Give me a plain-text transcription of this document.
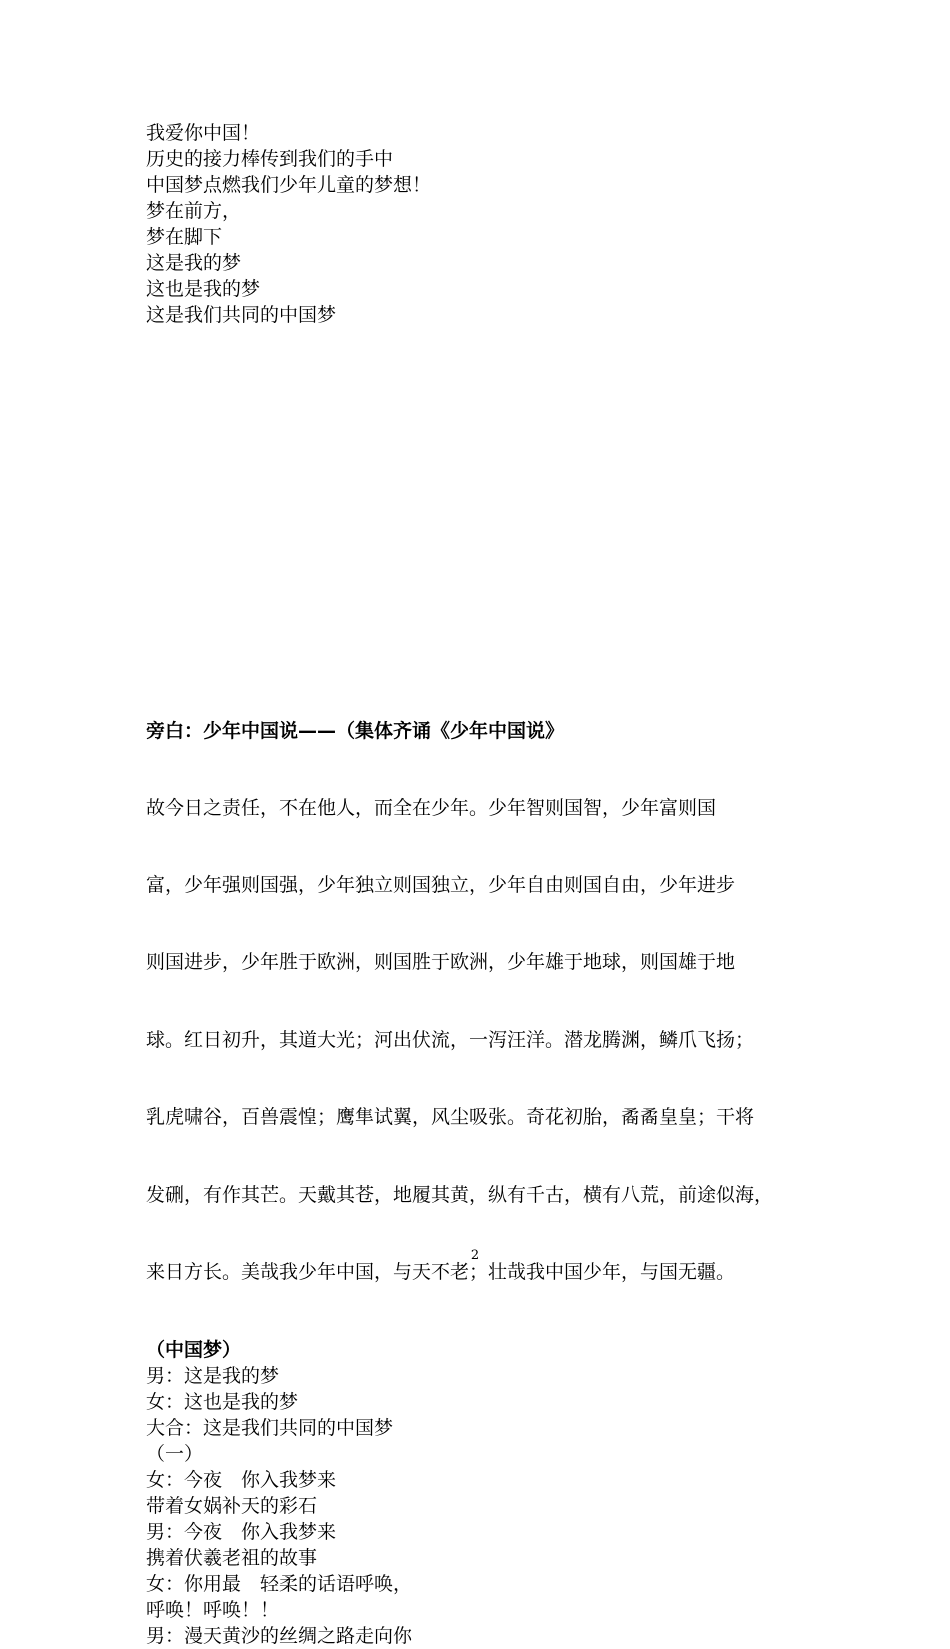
我爱你中国！
历史的接力棒传到我们的手中
中国梦点燃我们少年儿童的梦想！
梦在前方，
梦在脚下
这是我的梦
这也是我的梦
这是我们共同的中国梦
旁白：少年中国说——（集体齐诵《少年中国说》

故今日之责任，不在他人，而全在少年。少年智则国智，少年富则国

富，少年强则国强，少年独立则国独立，少年自由则国自由，少年进步

则国进步，少年胜于欧洲，则国胜于欧洲，少年雄于地球，则国雄于地

球。红日初升，其道大光；河出伏流，一泻汪洋。潜龙腾渊，鳞爪飞扬；

乳虎啸谷，百兽震惶；鹰隼试翼，风尘吸张。奇花初胎，矞矞皇皇；干将

发硎，有作其芒。天戴其苍，地履其黄，纵有千古，横有八荒，前途似海，

来日方长。美哉我少年中国，与天不老；壮哉我中国少年，与国无疆。

（中国梦）
男：这是我的梦
女：这也是我的梦
大合：这是我们共同的中国梦
（一）
女：今夜　你入我梦来
带着女娲补天的彩石
男：今夜　你入我梦来
携着伏羲老祖的故事
女：你用最　轻柔的话语呼唤，
呼唤！呼唤！！
男：漫天黄沙的丝绸之路走向你
2
